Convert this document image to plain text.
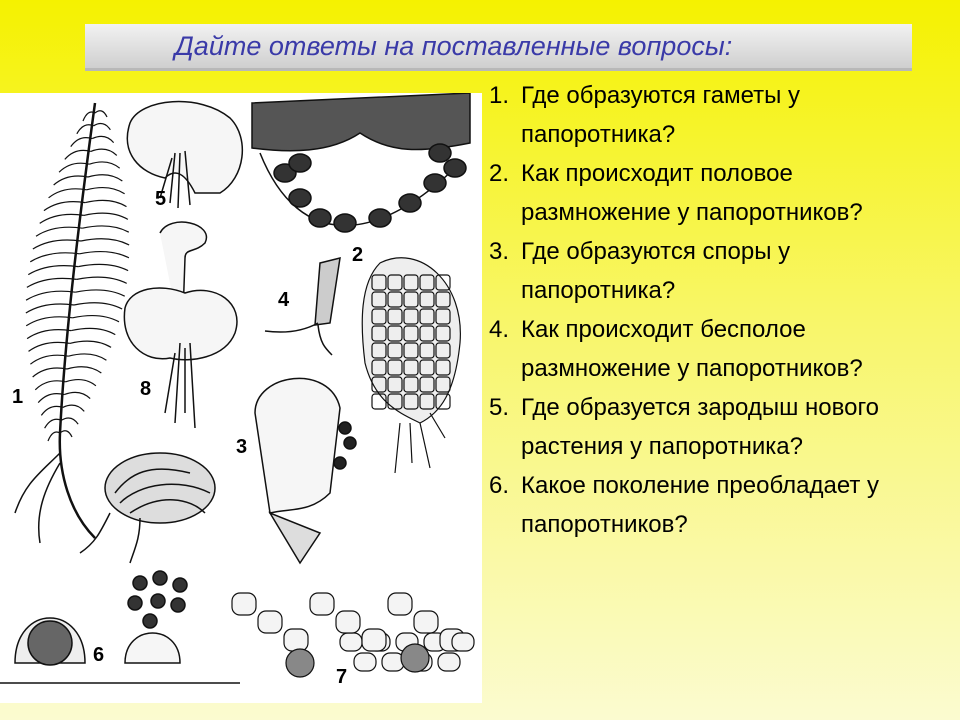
Дайте ответы на поставленные вопросы:
1
2
3
4
5
6
7
8
1. Где образуются гаметы у папоротника?
2. Как происходит половое размножение у папоротников?
3. Где образуются споры у папоротника?
4. Как происходит бесполое размножение у папоротников?
5. Где образуется зародыш нового растения у папоротника?
6. Какое поколение преобладает у папоротников?
